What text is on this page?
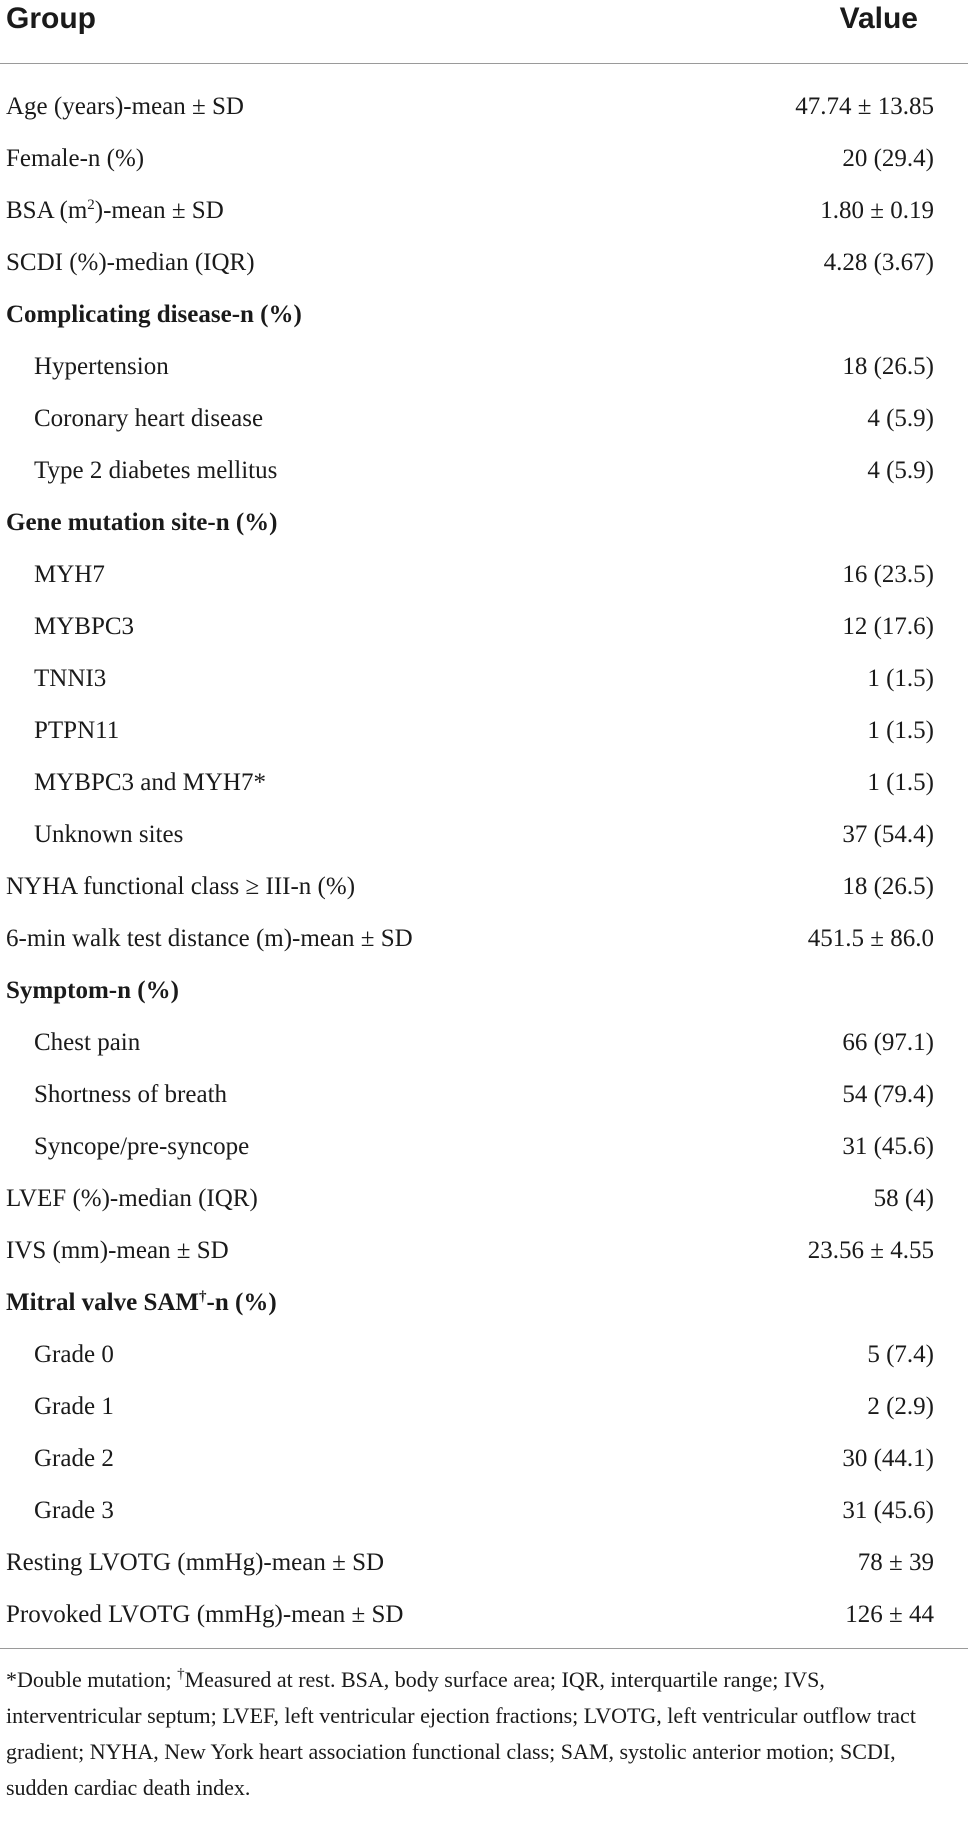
Group	Value
Age (years)-mean ± SD	47.74 ± 13.85
Female-n (%)	20 (29.4)
BSA $(m^2)$-mean ± SD	1.80 ± 0.19
SCDI (%)-median (IQR)	4.28 (3.67)
Complicating disease-n (%)
Hypertension	18 (26.5)
Coronary heart disease	4 (5.9)
Type 2 diabetes mellitus	4 (5.9)
Gene mutation site-n (%)
MYH7	16 (23.5)
MYBPC3	12 (17.6)
TNNI3	1 (1.5)
PTPN11	1 (1.5)
MYBPC3 and MYH7*	1 (1.5)
Unknown sites	37 (54.4)
NYHA functional class ≥ III-n (%)	18 (26.5)
6-min walk test distance (m)-mean ± SD	451.5 ± 86.0
Symptom-n (%)
Chest pain	66 (97.1)
Shortness of breath	54 (79.4)
Syncope/pre-syncope	31 (45.6)
LVEF (%)-median (IQR)	58 (4)
IVS (mm)-mean ± SD	23.56 ± 4.55
Mitral valve SAM†-n (%)
Grade 0	5 (7.4)
Grade 1	2 (2.9)
Grade 2	30 (44.1)
Grade 3	31 (45.6)
Resting LVOTG (mmHg)-mean ± SD	78 ± 39
Provoked LVOTG (mmHg)-mean ± SD	126 ± 44
*Double mutation; †Measured at rest. BSA, body surface area; IQR, interquartile range; IVS, interventricular septum; LVEF, left ventricular ejection fractions; LVOTG, left ventricular outflow tract gradient; NYHA, New York heart association functional class; SAM, systolic anterior motion; SCDI, sudden cardiac death index.
